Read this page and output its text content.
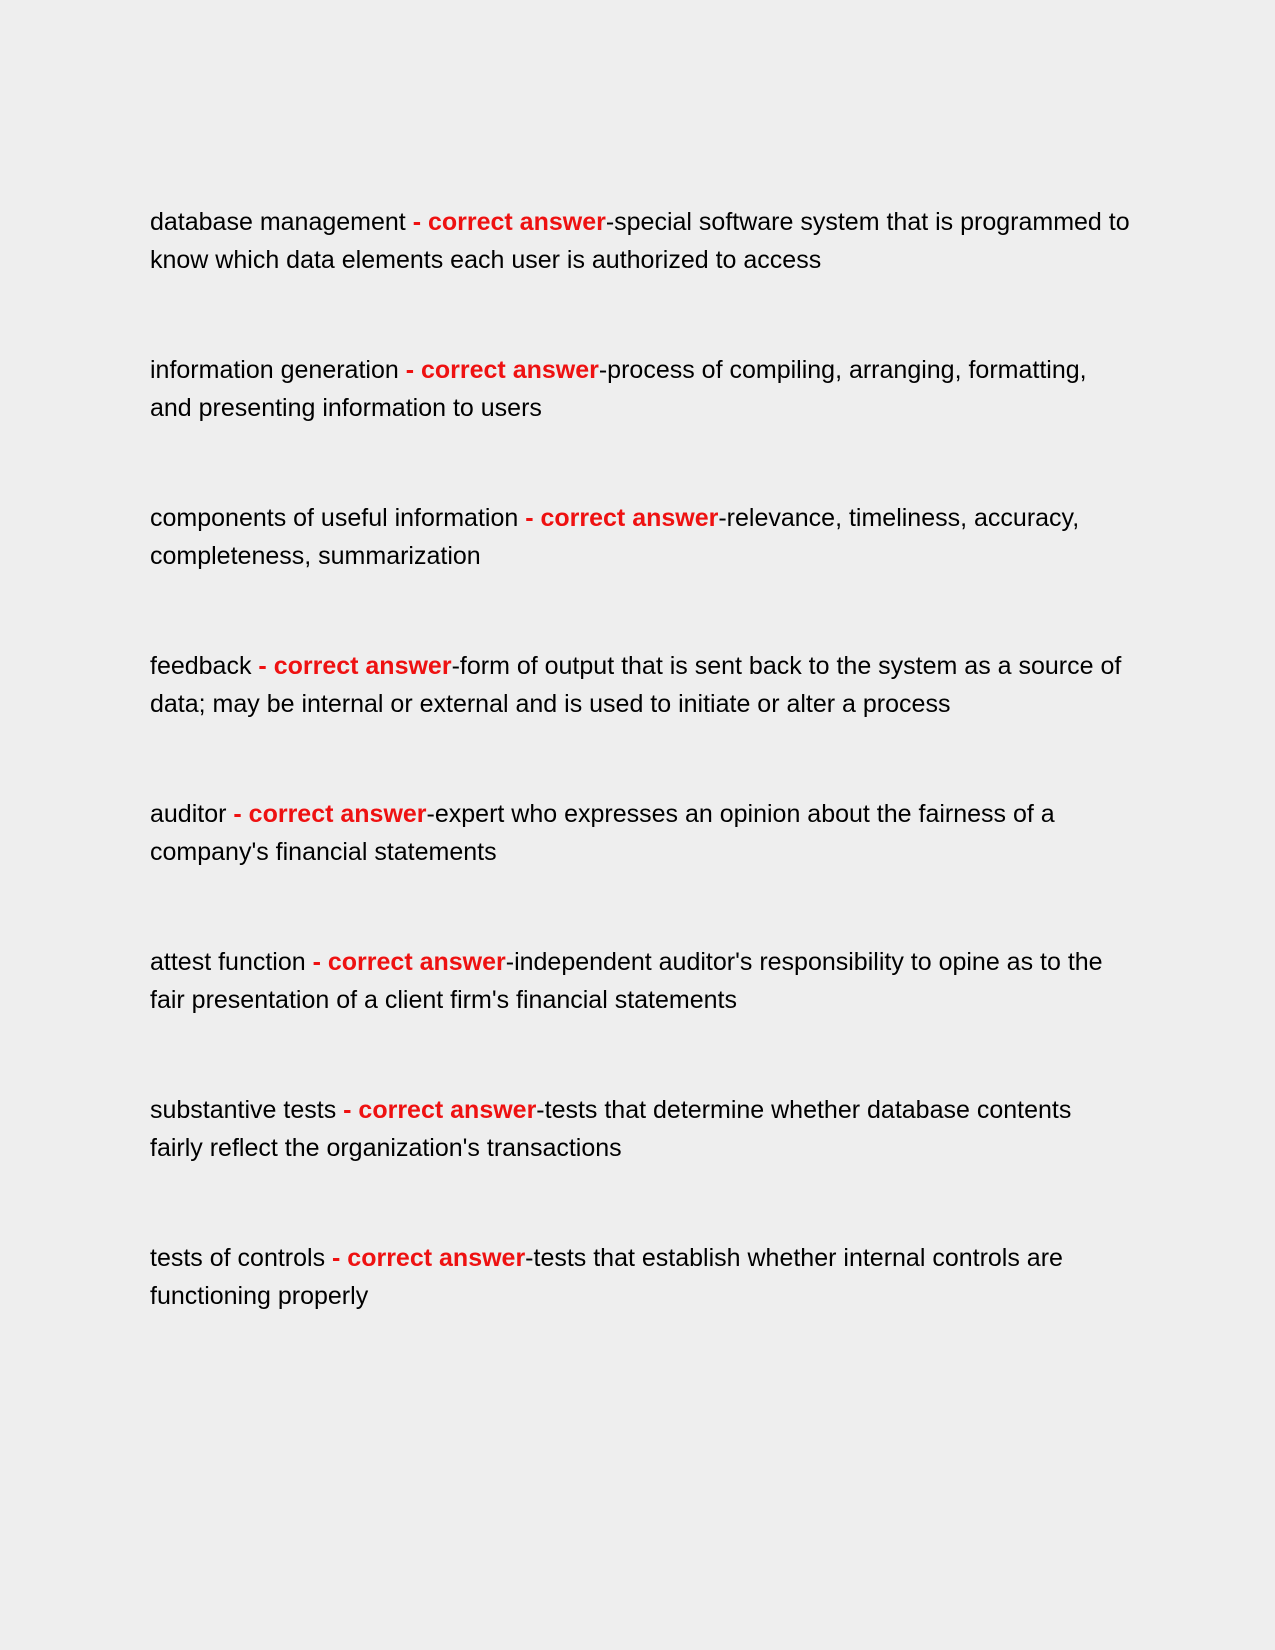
database management - correct answer-special software system that is programmed to know which data elements each user is authorized to access

information generation - correct answer-process of compiling, arranging, formatting, and presenting information to users

components of useful information - correct answer-relevance, timeliness, accuracy, completeness, summarization

feedback - correct answer-form of output that is sent back to the system as a source of data; may be internal or external and is used to initiate or alter a process

auditor - correct answer-expert who expresses an opinion about the fairness of a company's financial statements

attest function - correct answer-independent auditor's responsibility to opine as to the fair presentation of a client firm's financial statements

substantive tests - correct answer-tests that determine whether database contents fairly reflect the organization's transactions

tests of controls - correct answer-tests that establish whether internal controls are functioning properly
